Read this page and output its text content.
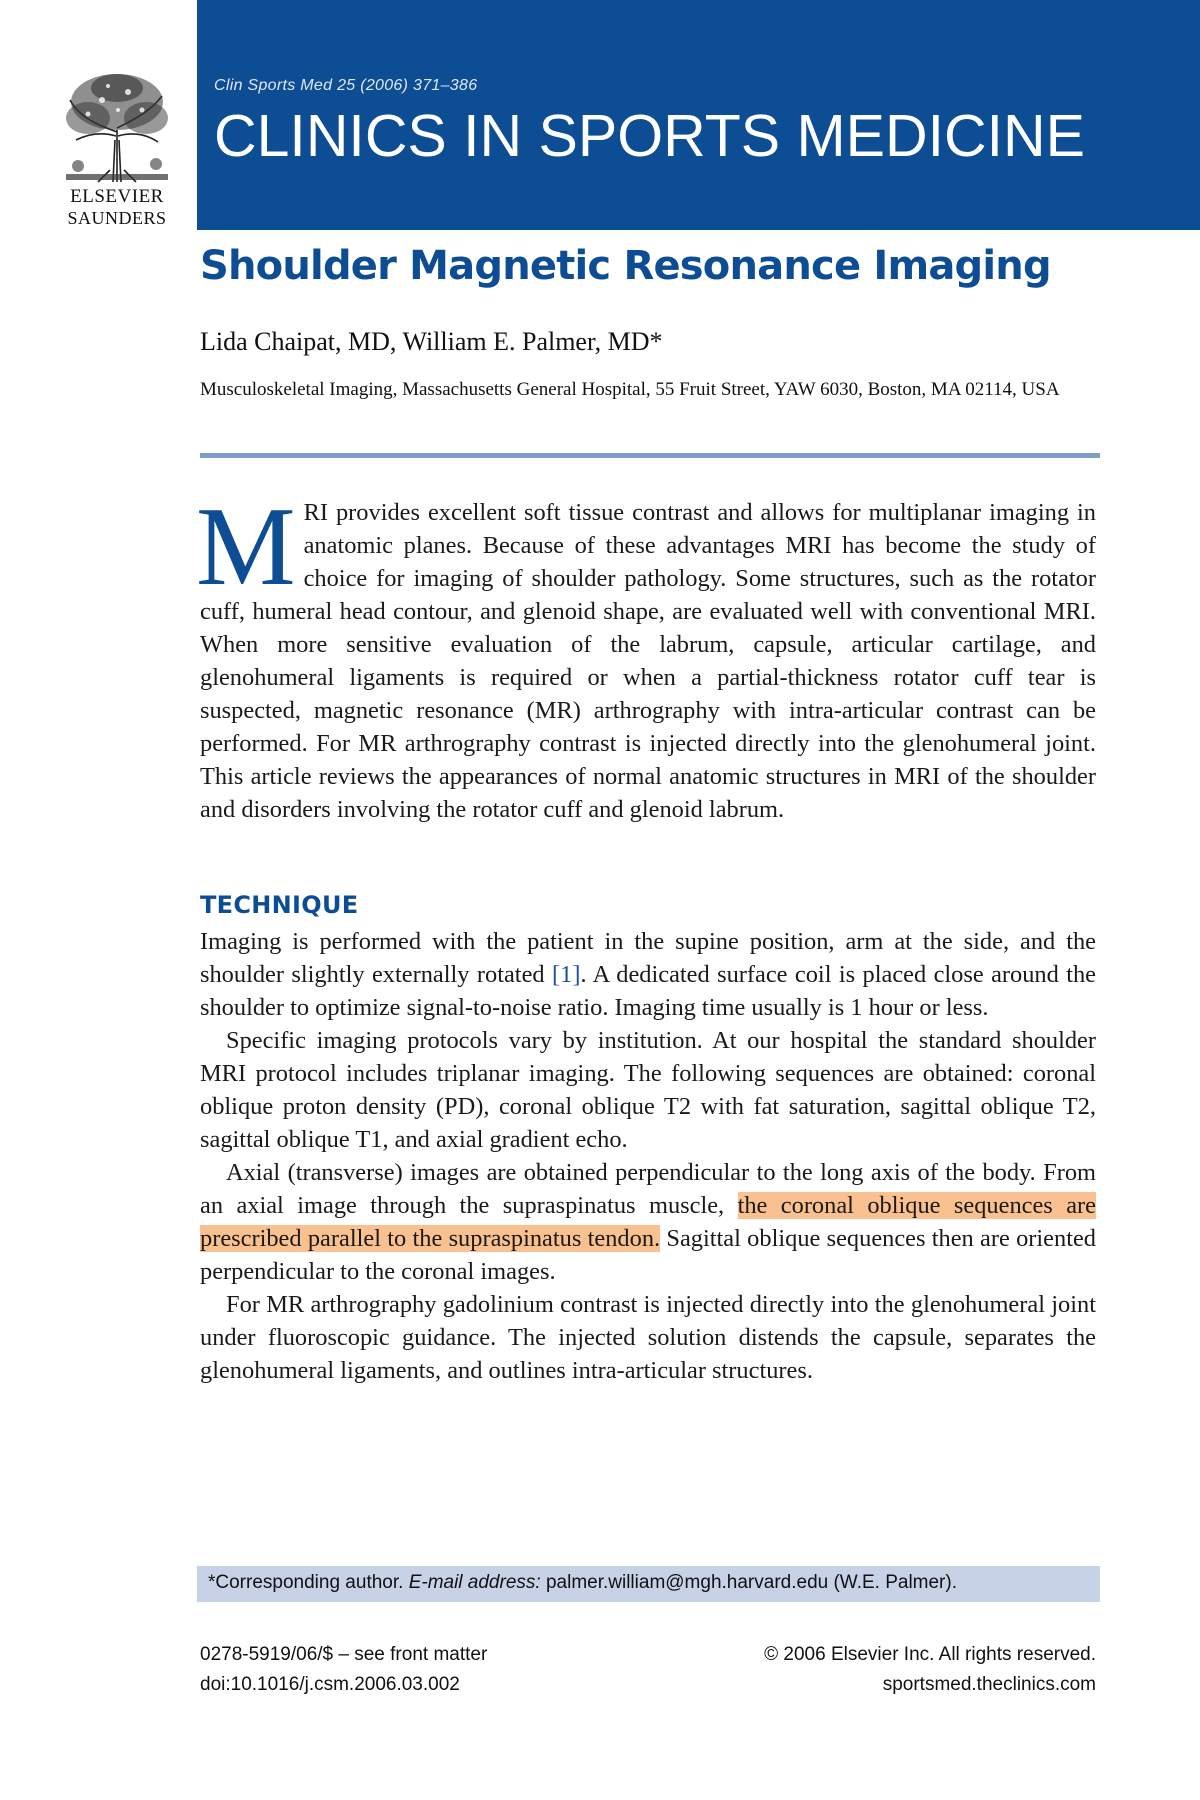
ELSEVIER
SAUNDERS
Clin Sports Med 25 (2006) 371–386
CLINICS IN SPORTS MEDICINE
Shoulder Magnetic Resonance Imaging
Lida Chaipat, MD, William E. Palmer, MD*
Musculoskeletal Imaging, Massachusetts General Hospital, 55 Fruit Street, YAW 6030, Boston, MA 02114, USA
MRI provides excellent soft tissue contrast and allows for multiplanar imaging in anatomic planes. Because of these advantages MRI has become the study of choice for imaging of shoulder pathology. Some structures, such as the rotator cuff, humeral head contour, and glenoid shape, are evaluated well with conventional MRI. When more sensitive evaluation of the labrum, capsule, articular cartilage, and glenohumeral ligaments is required or when a partial-thickness rotator cuff tear is suspected, magnetic resonance (MR) arthrography with intra-articular contrast can be performed. For MR arthrography contrast is injected directly into the glenohumeral joint. This article reviews the appearances of normal anatomic structures in MRI of the shoulder and disorders involving the rotator cuff and glenoid labrum.
TECHNIQUE

Imaging is performed with the patient in the supine position, arm at the side, and the shoulder slightly externally rotated [1]. A dedicated surface coil is placed close around the shoulder to optimize signal-to-noise ratio. Imaging time usually is 1 hour or less.

Specific imaging protocols vary by institution. At our hospital the standard shoulder MRI protocol includes triplanar imaging. The following sequences are obtained: coronal oblique proton density (PD), coronal oblique T2 with fat saturation, sagittal oblique T2, sagittal oblique T1, and axial gradient echo.

Axial (transverse) images are obtained perpendicular to the long axis of the body. From an axial image through the supraspinatus muscle, the coronal oblique sequences are prescribed parallel to the supraspinatus tendon. Sagittal oblique sequences then are oriented perpendicular to the coronal images.

For MR arthrography gadolinium contrast is injected directly into the glenohumeral joint under fluoroscopic guidance. The injected solution distends the capsule, separates the glenohumeral ligaments, and outlines intra-articular structures.

*Corresponding author. E-mail address: palmer.william@mgh.harvard.edu (W.E. Palmer).
0278-5919/06/$ – see front matter
doi:10.1016/j.csm.2006.03.002
© 2006 Elsevier Inc. All rights reserved.
sportsmed.theclinics.com
